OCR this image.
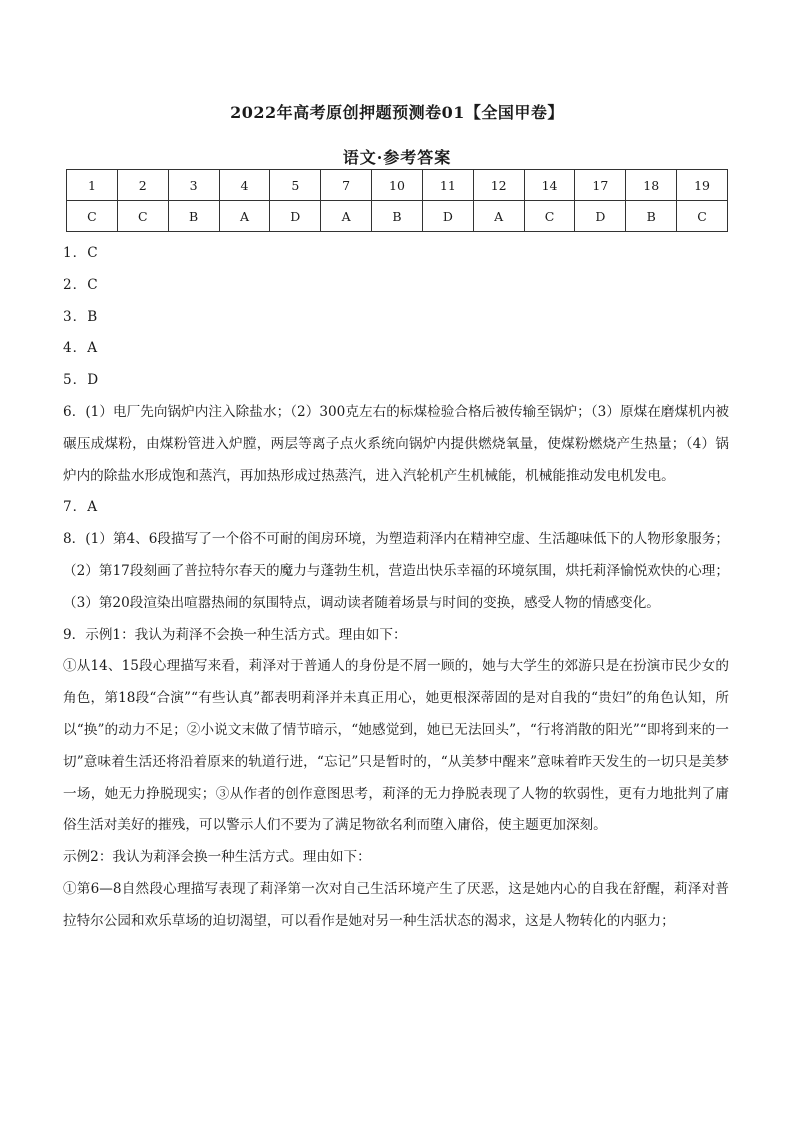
2022年高考原创押题预测卷01【全国甲卷】
语文·参考答案
1	2	3	4	5	7	10	11	12	14	17	18	19
C	C	B	A	D	A	B	D	A	C	D	B	C

1．C

2．C

3．B

4．A

5．D

6．(1）电厂先向锅炉内注入除盐水；（2）300克左右的标煤检验合格后被传输至锅炉；（3）原煤在磨煤机内被碾压成煤粉，由煤粉管进入炉膛，两层等离子点火系统向锅炉内提供燃烧氧量，使煤粉燃烧产生热量；（4）锅炉内的除盐水形成饱和蒸汽，再加热形成过热蒸汽，进入汽轮机产生机械能，机械能推动发电机发电。

7．A

8．(1）第4、6段描写了一个俗不可耐的闺房环境，为塑造莉泽内在精神空虚、生活趣味低下的人物形象服务；（2）第17段刻画了普拉特尔春天的魔力与蓬勃生机，营造出快乐幸福的环境氛围，烘托莉泽愉悦欢快的心理；（3）第20段渲染出喧嚣热闹的氛围特点，调动读者随着场景与时间的变换，感受人物的情感变化。

9．示例1：我认为莉泽不会换一种生活方式。理由如下：

①从14、15段心理描写来看，莉泽对于普通人的身份是不屑一顾的，她与大学生的郊游只是在扮演市民少女的角色，第18段“合演”“有些认真”都表明莉泽并未真正用心，她更根深蒂固的是对自我的“贵妇”的角色认知，所以“换”的动力不足；②小说文末做了情节暗示，“她感觉到，她已无法回头”，“行将消散的阳光”“即将到来的一切”意味着生活还将沿着原来的轨道行进，“忘记”只是暂时的，“从美梦中醒来”意味着昨天发生的一切只是美梦一场，她无力挣脱现实；③从作者的创作意图思考，莉泽的无力挣脱表现了人物的软弱性，更有力地批判了庸俗生活对美好的摧残，可以警示人们不要为了满足物欲名利而堕入庸俗，使主题更加深刻。

示例2：我认为莉泽会换一种生活方式。理由如下：

①第6—8自然段心理描写表现了莉泽第一次对自己生活环境产生了厌恶，这是她内心的自我在舒醒，莉泽对普拉特尔公园和欢乐草场的迫切渴望，可以看作是她对另一种生活状态的渴求，这是人物转化的内驱力；
